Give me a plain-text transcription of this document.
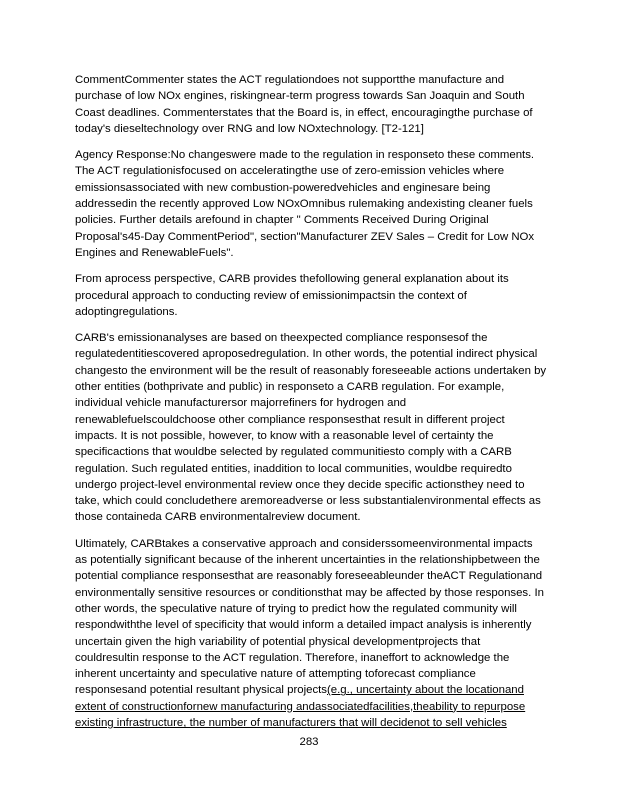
CommentCommenter states the ACT regulationdoes not supportthe manufacture and purchase of low NOx engines, riskingnear-term progress towards San Joaquin and South Coast deadlines. Commenterstates that the Board is, in effect, encouragingthe purchase of today's dieseltechnology over RNG and low NOxtechnology. [T2-121]

Agency Response:No changeswere made to the regulation in responseto these comments. The ACT regulationisfocused on acceleratingthe use of zero-emission vehicles where emissionsassociated with new combustion-poweredvehicles and enginesare being addressedin the recently approved Low NOxOmnibus rulemaking andexisting cleaner fuels policies. Further details arefound in chapter " Comments Received During Original Proposal's45-Day CommentPeriod", section"Manufacturer ZEV Sales – Credit for Low NOx Engines and RenewableFuels".

From aprocess perspective, CARB provides thefollowing general explanation about its procedural approach to conducting review of emissionimpactsin the context of adoptingregulations.

CARB's emissionanalyses are based on theexpected compliance responsesof the regulatedentitiescovered aproposedregulation. In other words, the potential indirect physical changesto the environment will be the result of reasonably foreseeable actions undertaken by other entities (bothprivate and public) in responseto a CARB regulation. For example, individual vehicle manufacturersor majorrefiners for hydrogen and renewablefuelscouldchoose other compliance responsesthat result in different project impacts. It is not possible, however, to know with a reasonable level of certainty the specificactions that wouldbe selected by regulated communitiesto comply with a CARB regulation. Such regulated entities, inaddition to local communities, wouldbe requiredto undergo project-level environmental review once they decide specific actionsthey need to take, which could concludethere aremoreadverse or less substantialenvironmental effects as those containeda CARB environmentalreview document.

Ultimately, CARBtakes a conservative approach and considerssomeenvironmental impacts as potentially significant because of the inherent uncertainties in the relationshipbetween the potential compliance responsesthat are reasonably foreseeableunder theACT Regulationand environmentally sensitive resources or conditionsthat may be affected by those responses. In other words, the speculative nature of trying to predict how the regulated community will respondwiththe level of specificity that would inform a detailed impact analysis is inherently uncertain given the high variability of potential physical developmentprojects that couldresultin response to the ACT regulation. Therefore, inaneffort to acknowledge the inherent uncertainty and speculative nature of attempting toforecast compliance responsesand potential resultant physical projects(e.g., uncertainty about the locationand extent of constructionfornew manufacturing andassociatedfacilities,theability to repurpose existing infrastructure, the number of manufacturers that will decidenot to sell vehicles

283
